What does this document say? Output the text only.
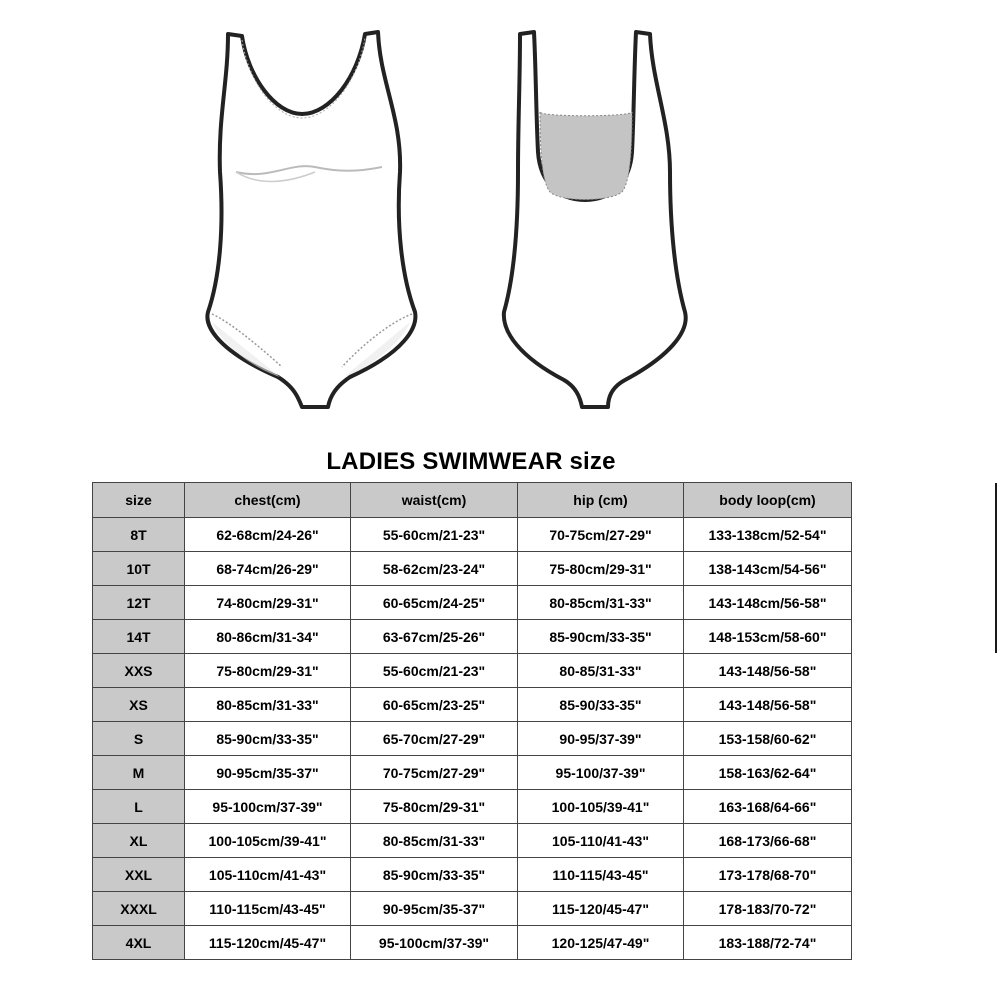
LADIES SWIMWEAR size
size	chest(cm)	waist(cm)	hip (cm)	body loop(cm)
8T	62-68cm/24-26"	55-60cm/21-23"	70-75cm/27-29"	133-138cm/52-54"
10T	68-74cm/26-29"	58-62cm/23-24"	75-80cm/29-31"	138-143cm/54-56"
12T	74-80cm/29-31"	60-65cm/24-25"	80-85cm/31-33"	143-148cm/56-58"
14T	80-86cm/31-34"	63-67cm/25-26"	85-90cm/33-35"	148-153cm/58-60"
XXS	75-80cm/29-31"	55-60cm/21-23"	80-85/31-33"	143-148/56-58"
XS	80-85cm/31-33"	60-65cm/23-25"	85-90/33-35"	143-148/56-58"
S	85-90cm/33-35"	65-70cm/27-29"	90-95/37-39"	153-158/60-62"
M	90-95cm/35-37"	70-75cm/27-29"	95-100/37-39"	158-163/62-64"
L	95-100cm/37-39"	75-80cm/29-31"	100-105/39-41"	163-168/64-66"
XL	100-105cm/39-41"	80-85cm/31-33"	105-110/41-43"	168-173/66-68"
XXL	105-110cm/41-43"	85-90cm/33-35"	110-115/43-45"	173-178/68-70"
XXXL	110-115cm/43-45"	90-95cm/35-37"	115-120/45-47"	178-183/70-72"
4XL	115-120cm/45-47"	95-100cm/37-39"	120-125/47-49"	183-188/72-74"
